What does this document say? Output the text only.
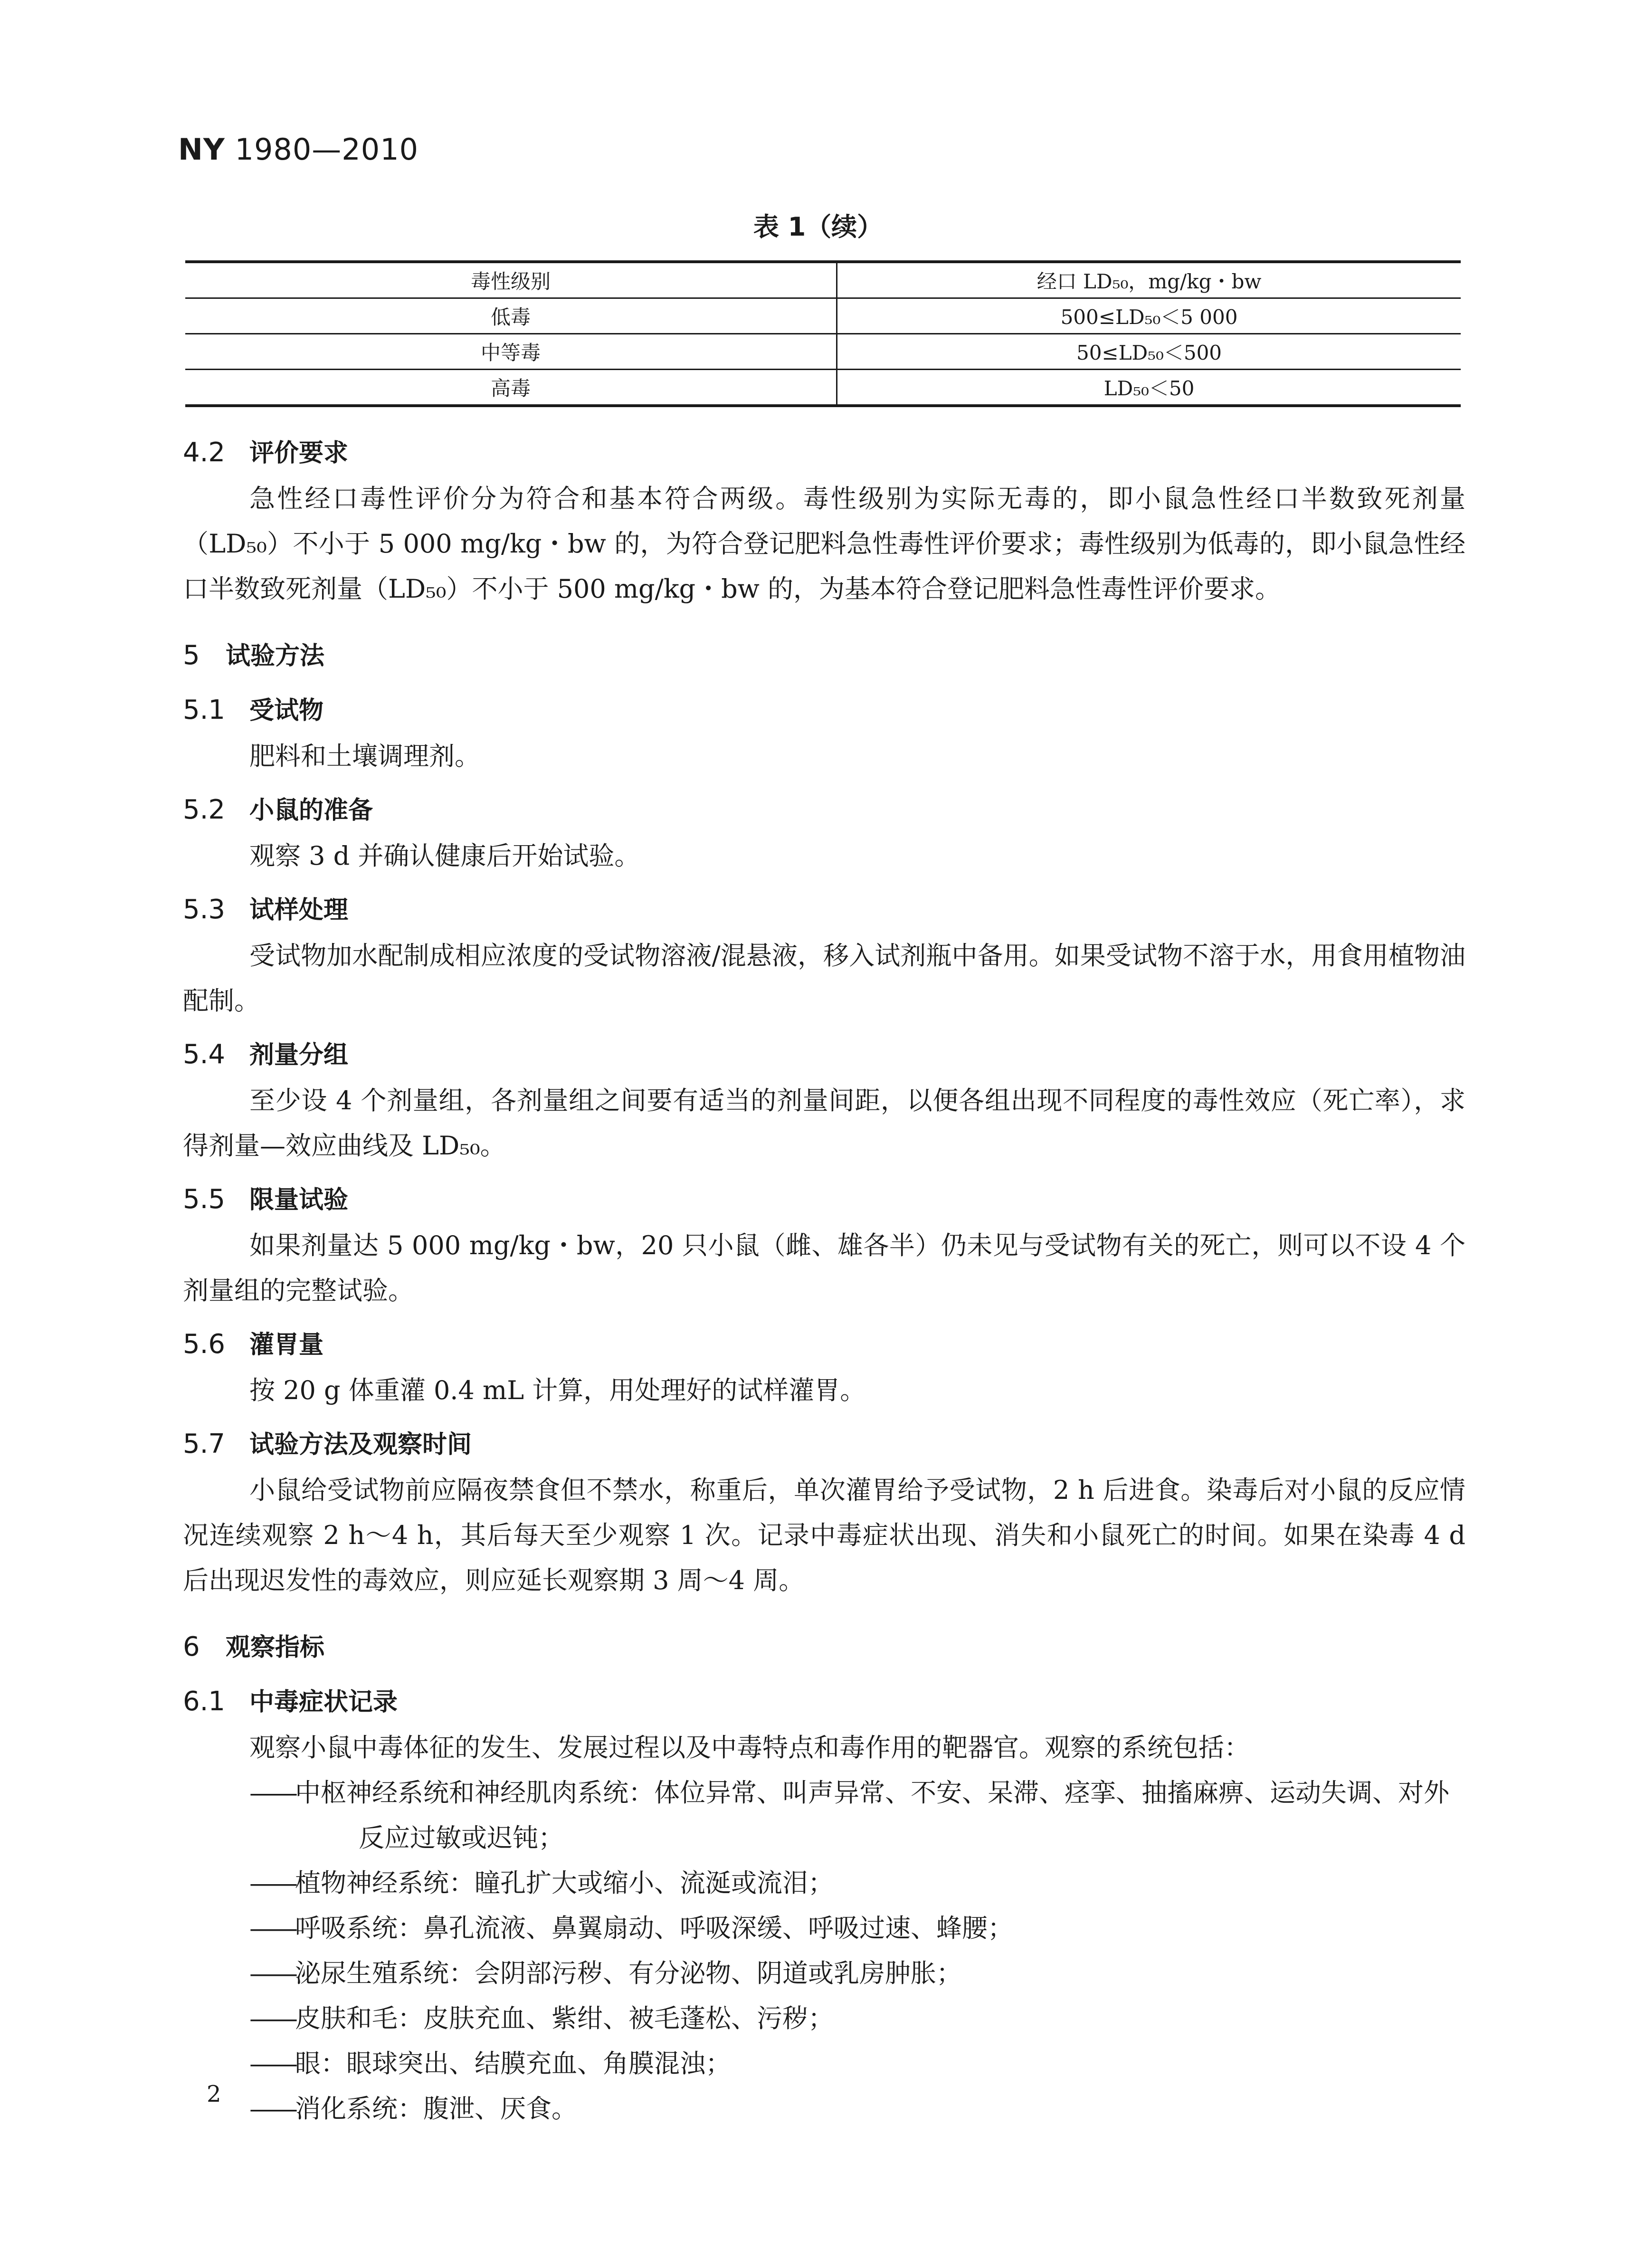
NY 1980—2010
表 1（续）
毒性级别	经口 LD₅₀，mg/kg・bw
低毒	500≤LD₅₀＜5 000
中等毒	50≤LD₅₀＜500
高毒	LD₅₀＜50
4.2 评价要求
急性经口毒性评价分为符合和基本符合两级。毒性级别为实际无毒的，即小鼠急性经口半数致死剂量（LD₅₀）不小于 5 000 mg/kg・bw 的，为符合登记肥料急性毒性评价要求；毒性级别为低毒的，即小鼠急性经口半数致死剂量（LD₅₀）不小于 500 mg/kg・bw 的，为基本符合登记肥料急性毒性评价要求。
5 试验方法
5.1 受试物
肥料和土壤调理剂。
5.2 小鼠的准备
观察 3 d 并确认健康后开始试验。
5.3 试样处理
受试物加水配制成相应浓度的受试物溶液/混悬液，移入试剂瓶中备用。如果受试物不溶于水，用食用植物油配制。
5.4 剂量分组
至少设 4 个剂量组，各剂量组之间要有适当的剂量间距，以便各组出现不同程度的毒性效应（死亡率），求得剂量—效应曲线及 LD₅₀。
5.5 限量试验
如果剂量达 5 000 mg/kg・bw，20 只小鼠（雌、雄各半）仍未见与受试物有关的死亡，则可以不设 4 个剂量组的完整试验。
5.6 灌胃量
按 20 g 体重灌 0.4 mL 计算，用处理好的试样灌胃。
5.7 试验方法及观察时间
小鼠给受试物前应隔夜禁食但不禁水，称重后，单次灌胃给予受试物，2 h 后进食。染毒后对小鼠的反应情况连续观察 2 h～4 h，其后每天至少观察 1 次。记录中毒症状出现、消失和小鼠死亡的时间。如果在染毒 4 d 后出现迟发性的毒效应，则应延长观察期 3 周～4 周。
6 观察指标
6.1 中毒症状记录
观察小鼠中毒体征的发生、发展过程以及中毒特点和毒作用的靶器官。观察的系统包括：
——中枢神经系统和神经肌肉系统：体位异常、叫声异常、不安、呆滞、痉挛、抽搐麻痹、运动失调、对外反应过敏或迟钝；
——植物神经系统：瞳孔扩大或缩小、流涎或流泪；
——呼吸系统：鼻孔流液、鼻翼扇动、呼吸深缓、呼吸过速、蜂腰；
——泌尿生殖系统：会阴部污秽、有分泌物、阴道或乳房肿胀；
——皮肤和毛：皮肤充血、紫绀、被毛蓬松、污秽；
——眼：眼球突出、结膜充血、角膜混浊；
——消化系统：腹泄、厌食。
2
